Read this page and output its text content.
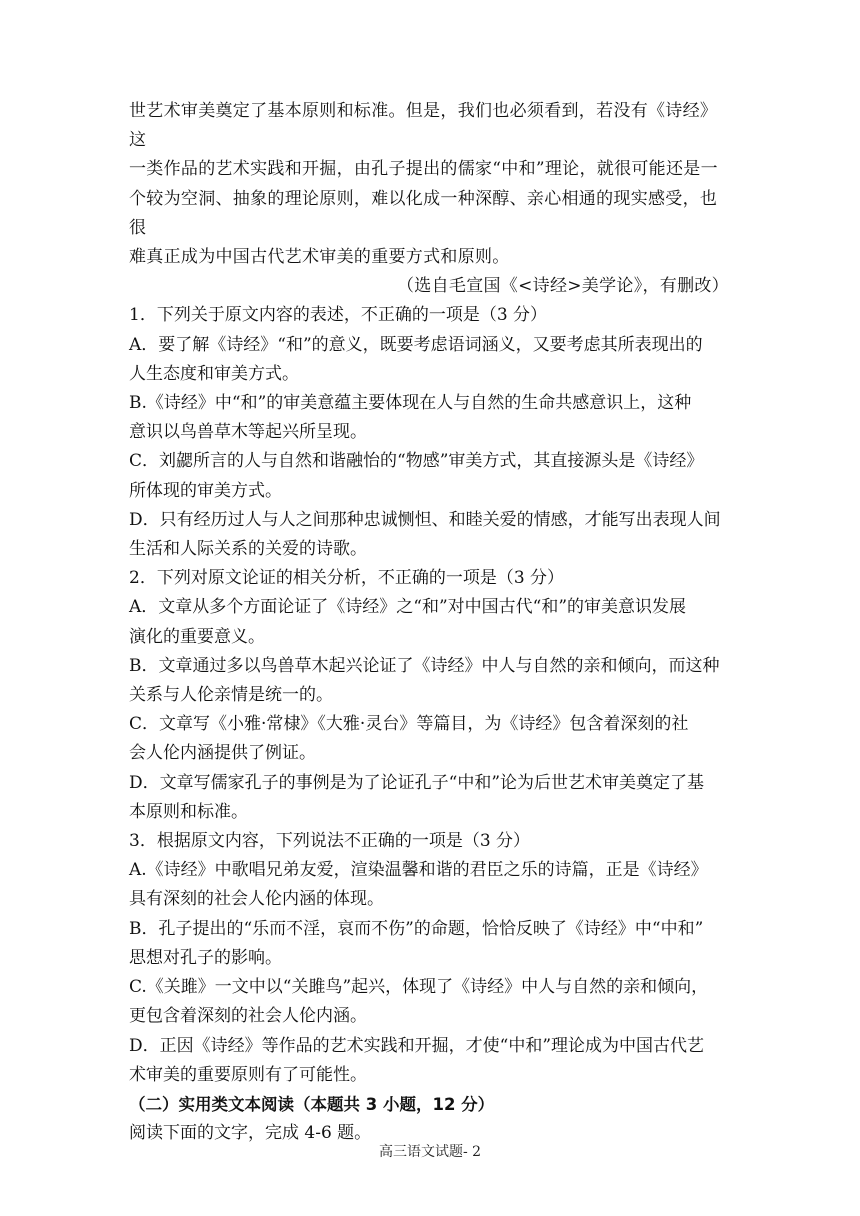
世艺术审美奠定了基本原则和标准。但是，我们也必须看到，若没有《诗经》这

一类作品的艺术实践和开掘，由孔子提出的儒家“中和”理论，就很可能还是一

个较为空洞、抽象的理论原则，难以化成一种深醇、亲心相通的现实感受，也很

难真正成为中国古代艺术审美的重要方式和原则。

（选自毛宣国《<诗经>美学论》，有删改）

1．下列关于原文内容的表述，不正确的一项是（3 分）

A．要了解《诗经》“和”的意义，既要考虑语词涵义，又要考虑其所表现出的

人生态度和审美方式。

B.《诗经》中“和”的审美意蕴主要体现在人与自然的生命共感意识上，这种

意识以鸟兽草木等起兴所呈现。

C．刘勰所言的人与自然和谐融怡的“物感”审美方式，其直接源头是《诗经》

所体现的审美方式。

D．只有经历过人与人之间那种忠诚恻怛、和睦关爱的情感，才能写出表现人间

生活和人际关系的关爱的诗歌。

2．下列对原文论证的相关分析，不正确的一项是（3 分）

A．文章从多个方面论证了《诗经》之“和”对中国古代“和”的审美意识发展

演化的重要意义。

B．文章通过多以鸟兽草木起兴论证了《诗经》中人与自然的亲和倾向，而这种

关系与人伦亲情是统一的。

C．文章写《小雅·常棣》《大雅·灵台》等篇目，为《诗经》包含着深刻的社

会人伦内涵提供了例证。

D．文章写儒家孔子的事例是为了论证孔子“中和”论为后世艺术审美奠定了基

本原则和标准。

3．根据原文内容，下列说法不正确的一项是（3 分）

A.《诗经》中歌唱兄弟友爱，渲染温馨和谐的君臣之乐的诗篇，正是《诗经》

具有深刻的社会人伦内涵的体现。

B．孔子提出的“乐而不淫，哀而不伤”的命题，恰恰反映了《诗经》中“中和”

思想对孔子的影响。

C.《关雎》一文中以“关雎鸟”起兴，体现了《诗经》中人与自然的亲和倾向，

更包含着深刻的社会人伦内涵。

D．正因《诗经》等作品的艺术实践和开掘，才使“中和”理论成为中国古代艺

术审美的重要原则有了可能性。

（二）实用类文本阅读（本题共 3 小题，12 分）

阅读下面的文字，完成 4-6 题。

高三语文试题- 2
